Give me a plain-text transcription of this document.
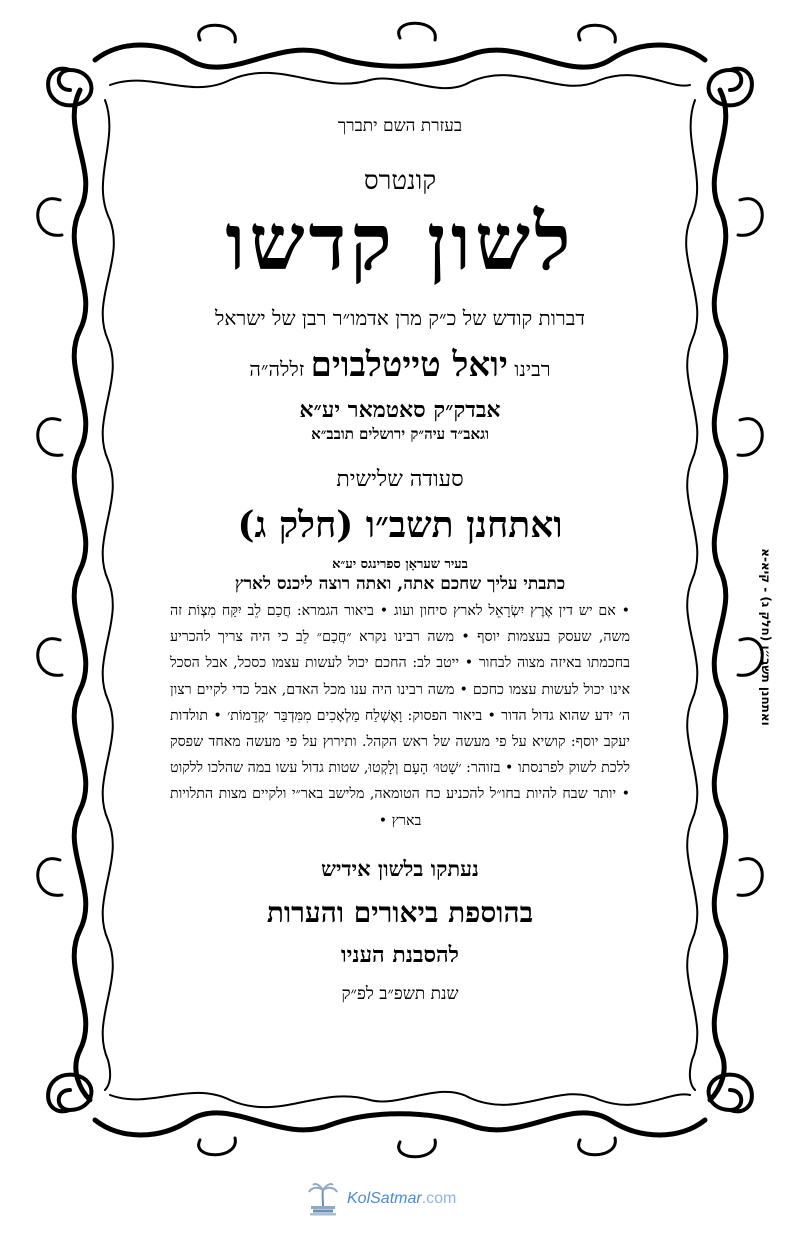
בעזרת השם יתברך
קונטרס
לשון קדשו
דברות קודש של כ״ק מרן אדמו״ר רבן של ישראל
רבינו יואל טייטלבוים זללה״ה
אבדק״ק סאטמאר יע״א
וגאב״ד עיה״ק ירושלים תובב״א
סעודה שלישית
ואתחנן תשב״ו (חלק ג)
בעיר שעראָן ספרינגס יע״א
כתבתי עליך שחכם אתה, ואתה רוצה ליכנס לארץ
• אם יש דין אֶרֶץ יִשְׂרָאֵל לארץ סיחון ועוג • ביאור הגמרא: חֲכַם לֵב יִקַּח מִצְוֹת זה משה, שעסק בעצמות יוסף • משה רבינו נקרא ״חֲכַם״ לֵב כי היה צריך להכריע בחכמתו באיזה מצוה לבחור • ייטב לב: החכם יכול לעשות עצמו כסכל, אבל הסכל אינו יכול לעשות עצמו כחכם • משה רבינו היה ענו מכל האדם, אבל כדי לקיים רצון ה׳ ידע שהוא גדול הדור • ביאור הפסוק: וָאֶשְׁלַח מַלְאָכִים מִמִּדְבַּר ׳קְדֵמוֹת׳ • תולדות יעקב יוסף: קושיא על פי מעשה של ראש הקהל. ותירוץ על פי מעשה מאחד שפסק ללכת לשוק לפרנסתו • בזוהר: ׳שָׁטוּ׳ הָעָם וְלָקְטוּ, שטות גדול עשו במה שהלכו ללקוט • יותר שבח להיות בחו״ל להכניע כח הטומאה, מלישב באר״י ולקיים מצות התלויות בארץ •
נעתקו בלשון אידיש
בהוספת ביאורים והערות
להסבנת העניו
שנת תשפ״ב לפ״ק
ואתחנן תשב״ו (חלק ג) - קיא-א
KolSatmar.com
